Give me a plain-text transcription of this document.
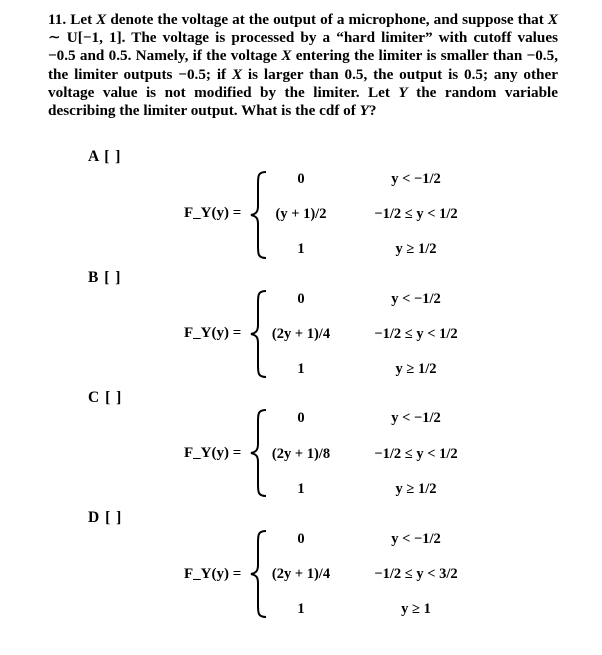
11. Let X denote the voltage at the output of a microphone, and suppose that X ∼ U[−1, 1]. The voltage is processed by a “hard limiter” with cutoff values −0.5 and 0.5. Namely, if the voltage X entering the limiter is smaller than −0.5, the limiter outputs −0.5; if X is larger than 0.5, the output is 0.5; any other voltage value is not modified by the limiter. Let Y the random variable describing the limiter output. What is the cdf of Y?
A [ ]
F_Y(y) =
0	y < −1/2
(y + 1)/2	−1/2 ≤ y < 1/2
1	y ≥ 1/2
B [ ]
F_Y(y) =
0	y < −1/2
(2y + 1)/4	−1/2 ≤ y < 1/2
1	y ≥ 1/2
C [ ]
F_Y(y) =
0	y < −1/2
(2y + 1)/8	−1/2 ≤ y < 1/2
1	y ≥ 1/2
D [ ]
F_Y(y) =
0	y < −1/2
(2y + 1)/4	−1/2 ≤ y < 3/2
1	y ≥ 1
